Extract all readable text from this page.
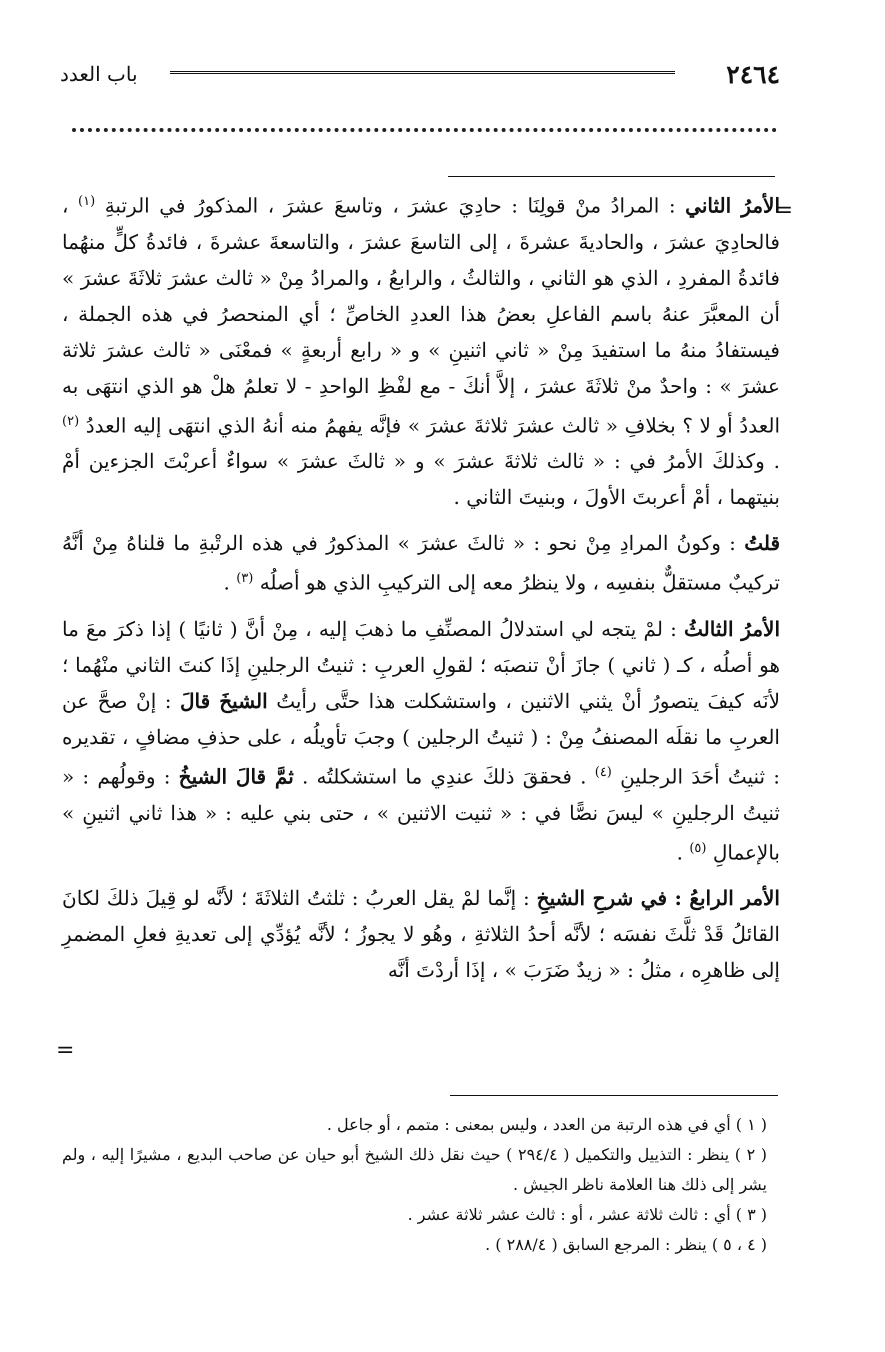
٢٤٦٤
باب العدد
=

الأمرُ الثاني : المرادُ منْ قولِنَا : حادِيَ عشرَ ، وتاسعَ عشرَ ، المذكورُ في الرتبةِ $^{(١)}$ ، فالحادِيَ عشرَ ، والحاديةَ عشرةَ ، إلى التاسعَ عشرَ ، والتاسعةَ عشرةَ ، فائدةُ كلٍّ منهُما فائدةُ المفردِ ، الذي هو الثاني ، والثالثُ ، والرابعُ ، والمرادُ مِنْ « ثالث عشرَ ثلاثَةَ عشرَ » أن المعبَّرَ عنهُ باسم الفاعلِ بعضُ هذا العددِ الخاصِّ ؛ أي المنحصرُ في هذه الجملة ، فيستفادُ منهُ ما استفيدَ مِنْ « ثاني اثنينِ » و « رابع أربعةٍ » فمعْنَى « ثالث عشرَ ثلاثة عشرَ » : واحدٌ منْ ثلاثَةَ عشرَ ، إلاَّ أنكَ - مع لفْظِ الواحدِ - لا تعلمُ هلْ هو الذي انتهَى به العددُ أو لا ؟ بخلافِ « ثالث عشرَ ثلاثةَ عشرَ » فإنَّه يفهمُ منه أنهُ الذي انتهَى إليه العددُ $^{(٢)}$ . وكذلكَ الأمرُ في : « ثالث ثلاثةَ عشرَ » و « ثالثَ عشرَ » سواءٌ أعربْتَ الجزءين أمْ بنيتهما ، أمْ أعربتَ الأولَ ، وبنيتَ الثاني .

قلتُ : وكونُ المرادِ مِنْ نحو : « ثالثَ عشرَ » المذكورُ في هذه الرتْبةِ ما قلناهُ مِنْ أنَّهُ تركيبٌ مستقلٌّ بنفسِه ، ولا ينظرُ معه إلى التركيبِ الذي هو أصلُه $^{(٣)}$ .

الأمرُ الثالثُ : لمْ يتجه لي استدلالُ المصنِّفِ ما ذهبَ إليه ، مِنْ أنَّ ( ثانيًا ) إذا ذكرَ معَ ما هو أصلُه ، كـ ( ثاني ) جازَ أنْ تنصبَه ؛ لقولِ العربِ : ثنيتُ الرجلينِ إذَا كنتَ الثاني منْهُما ؛ لأنَه كيفَ يتصورُ أنْ يثني الاثنين ، واستشكلت هذا حتَّى رأيتُ الشيخَ قالَ : إنْ صحَّ عن العربِ ما نقلَه المصنفُ مِنْ : ( ثنيتُ الرجلين ) وجبَ تأويلُه ، على حذفِ مضافٍ ، تقديره : ثنيتُ أحَدَ الرجلينِ $^{(٤)}$ . فحققَ ذلكَ عندِي ما استشكلتُه . ثمَّ قالَ الشيخُ : وقولُهم : « ثنيتُ الرجلينِ » ليسَ نصًّا في : « ثنيت الاثنين » ، حتى بني عليه : « هذا ثاني اثنينِ » بالإعمالِ $^{(٥)}$ .

الأمر الرابعُ : في شرحِ الشيخِ : إنَّما لمْ يقل العربُ : ثلثتُ الثلاثَةَ ؛ لأنَّه لو قِيلَ ذلكَ لكانَ القائلُ قَدْ ثلَّثَ نفسَه ؛ لأنَّه أحدُ الثلاثةِ ، وهُو لا يجوزُ ؛ لأنَّه يُؤدِّي إلى تعديةِ فعلِ المضمرِ إلى ظاهرِه ، مثلُ : « زيدٌ ضَرَبَ » ، إذَا أردْتَ أنَّه

=
( ١ ) أي في هذه الرتبة من العدد ، وليس بمعنى : متمم ، أو جاعل .
( ٢ ) ينظر : التذييل والتكميل ( ٢٩٤/٤ ) حيث نقل ذلك الشيخ أبو حيان عن صاحب البديع ، مشيرًا إليه ، ولم يشر إلى ذلك هنا العلامة ناظر الجيش .
( ٣ ) أي : ثالث ثلاثة عشر ، أو : ثالث عشر ثلاثة عشر .
( ٤ ، ٥ ) ينظر : المرجع السابق ( ٢٨٨/٤ ) .
